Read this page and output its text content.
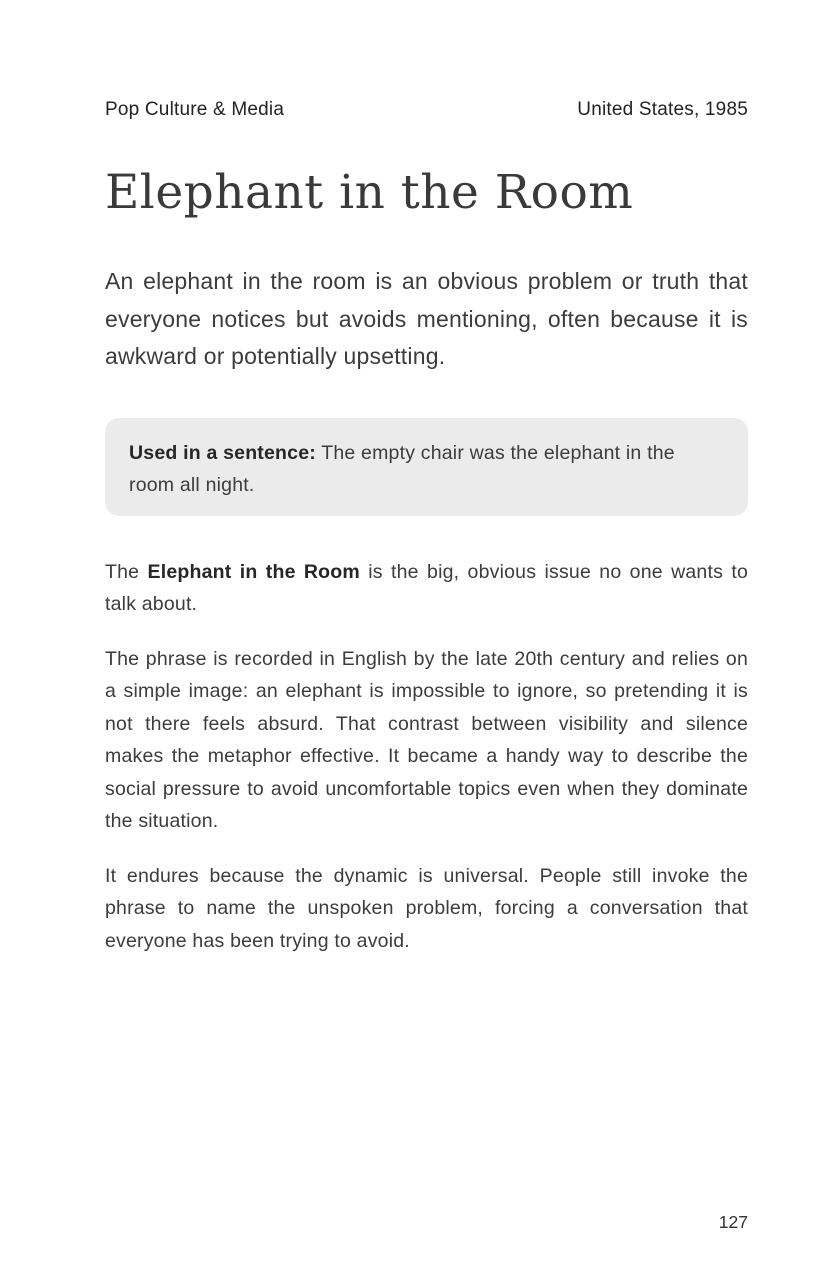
Pop Culture & Media	United States, 1985
Elephant in the Room

An elephant in the room is an obvious problem or truth that everyone notices but avoids mentioning, often because it is awkward or potentially upsetting.

Used in a sentence: The empty chair was the elephant in the room all night.

The Elephant in the Room is the big, obvious issue no one wants to talk about.

The phrase is recorded in English by the late 20th century and relies on a simple image: an elephant is impossible to ignore, so pretending it is not there feels absurd. That contrast between visibility and silence makes the metaphor effective. It became a handy way to describe the social pressure to avoid uncomfortable topics even when they dominate the situation.

It endures because the dynamic is universal. People still invoke the phrase to name the unspoken problem, forcing a conversation that everyone has been trying to avoid.

127
